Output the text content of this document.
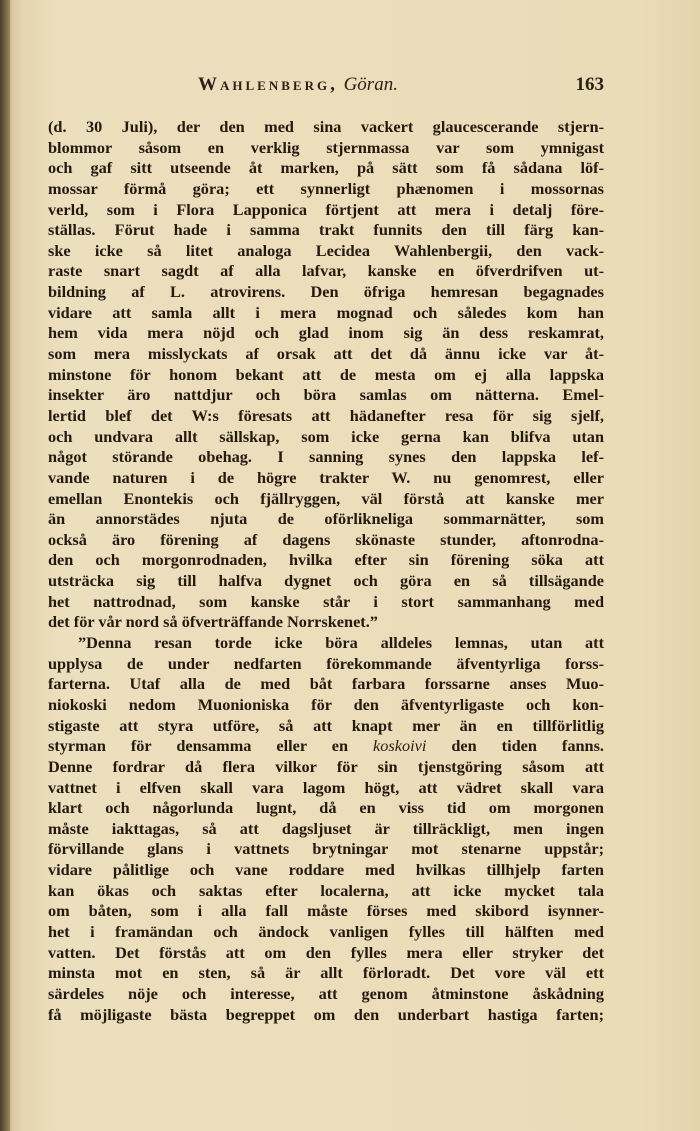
Wahlenberg, Göran.	163
(d. 30 Juli), der den med sina vackert glaucescerande stjern-
blommor såsom en verklig stjernmassa var som ymnigast
och gaf sitt utseende åt marken, på sätt som få sådana löf-
mossar förmå göra; ett synnerligt phænomen i mossornas
verld, som i Flora Lapponica förtjent att mera i detalj före-
ställas. Förut hade i samma trakt funnits den till färg kan-
ske icke så litet analoga Lecidea Wahlenbergii, den vack-
raste snart sagdt af alla lafvar, kanske en öfverdrifven ut-
bildning af L. atrovirens. Den öfriga hemresan begagnades
vidare att samla allt i mera mognad och således kom han
hem vida mera nöjd och glad inom sig än dess reskamrat,
som mera misslyckats af orsak att det då ännu icke var åt-
minstone för honom bekant att de mesta om ej alla lappska
insekter äro nattdjur och böra samlas om nätterna. Emel-
lertid blef det W:s föresats att hädanefter resa för sig sjelf,
och undvara allt sällskap, som icke gerna kan blifva utan
något störande obehag. I sanning synes den lappska lef-
vande naturen i de högre trakter W. nu genomrest, eller
emellan Enontekis och fjällryggen, väl förstå att kanske mer
än annorstädes njuta de oförlikneliga sommarnätter, som
också äro förening af dagens skönaste stunder, aftonrodna-
den och morgonrodnaden, hvilka efter sin förening söka att
utsträcka sig till halfva dygnet och göra en så tillsägande
het nattrodnad, som kanske står i stort sammanhang med
det för vår nord så öfverträffande Norrskenet.”
”Denna resan torde icke böra alldeles lemnas, utan att
upplysa de under nedfarten förekommande äfventyrliga forss-
farterna. Utaf alla de med båt farbara forssarne anses Muo-
niokoski nedom Muonioniska för den äfventyrligaste och kon-
stigaste att styra utföre, så att knapt mer än en tillförlitlig
styrman för densamma eller en koskoivi den tiden fanns.
Denne fordrar då flera vilkor för sin tjenstgöring såsom att
vattnet i elfven skall vara lagom högt, att vädret skall vara
klart och någorlunda lugnt, då en viss tid om morgonen
måste iakttagas, så att dagsljuset är tillräckligt, men ingen
förvillande glans i vattnets brytningar mot stenarne uppstår;
vidare pålitlige och vane roddare med hvilkas tillhjelp farten
kan ökas och saktas efter localerna, att icke mycket tala
om båten, som i alla fall måste förses med skibord isynner-
het i framändan och ändock vanligen fylles till hälften med
vatten. Det förstås att om den fylles mera eller stryker det
minsta mot en sten, så är allt förloradt. Det vore väl ett
särdeles nöje och interesse, att genom åtminstone åskådning
få möjligaste bästa begreppet om den underbart hastiga farten;
